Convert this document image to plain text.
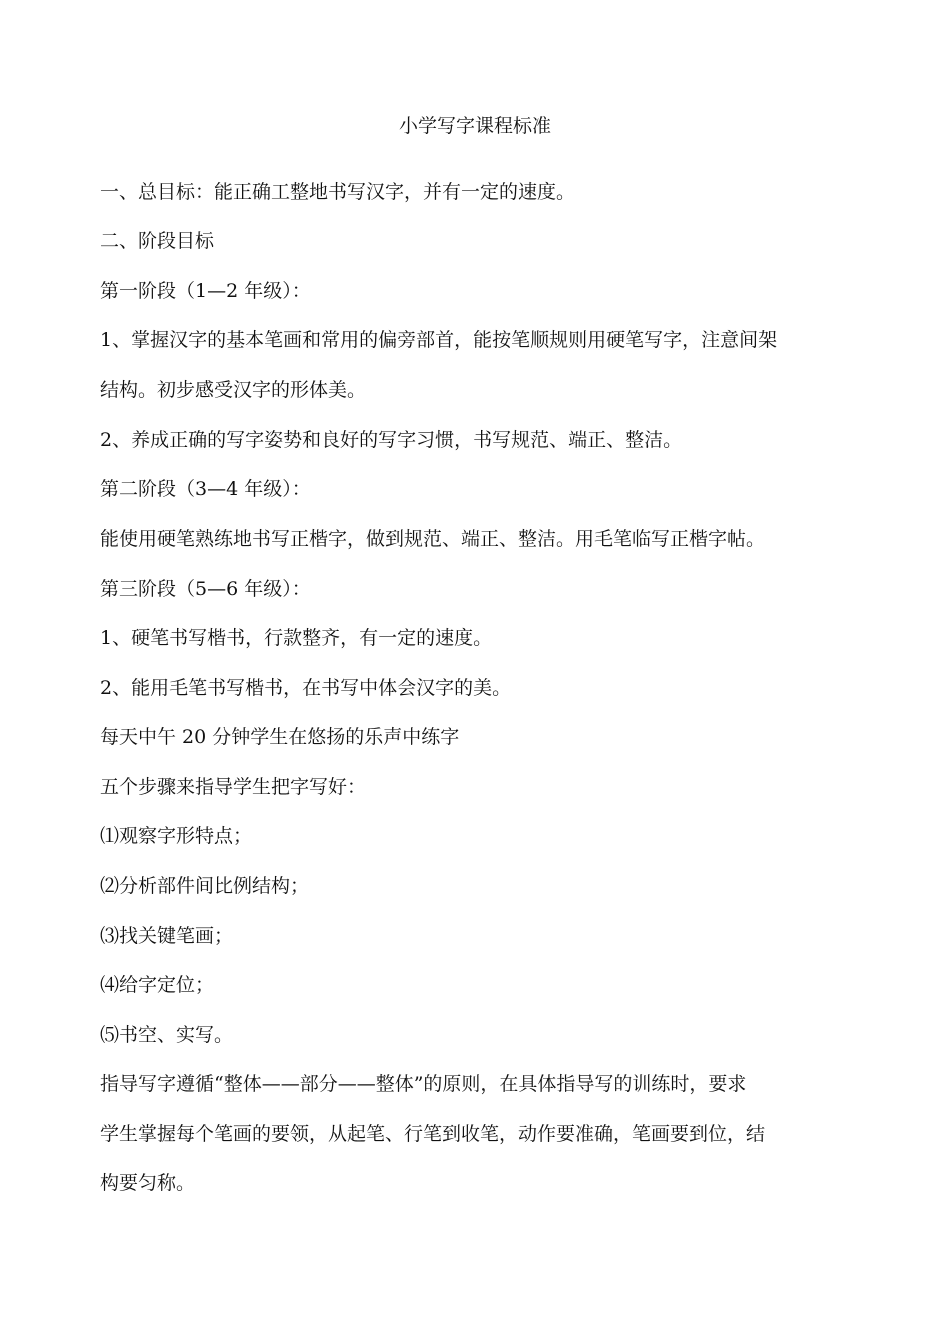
小学写字课程标准
一、总目标：能正确工整地书写汉字，并有一定的速度。
二、阶段目标
第一阶段（1—2 年级）：
1、掌握汉字的基本笔画和常用的偏旁部首，能按笔顺规则用硬笔写字，注意间架
结构。初步感受汉字的形体美。
2、养成正确的写字姿势和良好的写字习惯，书写规范、端正、整洁。
第二阶段（3—4 年级）：
能使用硬笔熟练地书写正楷字，做到规范、端正、整洁。用毛笔临写正楷字帖。
第三阶段（5—6 年级）：
1、硬笔书写楷书，行款整齐，有一定的速度。
2、能用毛笔书写楷书，在书写中体会汉字的美。
每天中午 20 分钟学生在悠扬的乐声中练字
五个步骤来指导学生把字写好：
⑴观察字形特点；
⑵分析部件间比例结构；
⑶找关键笔画；
⑷给字定位；
⑸书空、实写。
指导写字遵循“整体——部分——整体”的原则，在具体指导写的训练时，要求
学生掌握每个笔画的要领，从起笔、行笔到收笔，动作要准确，笔画要到位，结
构要匀称。
